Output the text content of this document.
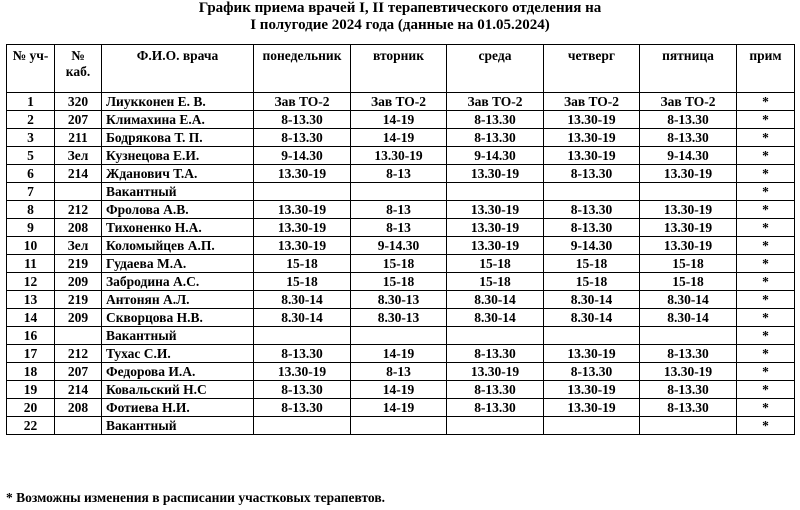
График приема врачей I, II терапевтического отделения на
I полугодие 2024 года (данные на 01.05.2024)
№ уч-	№ каб.	Ф.И.О. врача	понедельник	вторник	среда	четверг	пятница	прим
1	320	Лиукконен Е. В.	Зав ТО-2	Зав ТО-2	Зав ТО-2	Зав ТО-2	Зав ТО-2	*
2	207	Климахина Е.А.	8-13.30	14-19	8-13.30	13.30-19	8-13.30	*
3	211	Бодрякова Т. П.	8-13.30	14-19	8-13.30	13.30-19	8-13.30	*
5	Зел	Кузнецова Е.И.	9-14.30	13.30-19	9-14.30	13.30-19	9-14.30	*
6	214	Жданович Т.А.	13.30-19	8-13	13.30-19	8-13.30	13.30-19	*
7		Вакантный						*
8	212	Фролова А.В.	13.30-19	8-13	13.30-19	8-13.30	13.30-19	*
9	208	Тихоненко Н.А.	13.30-19	8-13	13.30-19	8-13.30	13.30-19	*
10	Зел	Коломыйцев А.П.	13.30-19	9-14.30	13.30-19	9-14.30	13.30-19	*
11	219	Гудаева М.А.	15-18	15-18	15-18	15-18	15-18	*
12	209	Забродина А.С.	15-18	15-18	15-18	15-18	15-18	*
13	219	Антонян А.Л.	8.30-14	8.30-13	8.30-14	8.30-14	8.30-14	*
14	209	Скворцова Н.В.	8.30-14	8.30-13	8.30-14	8.30-14	8.30-14	*
16		Вакантный						*
17	212	Тухас С.И.	8-13.30	14-19	8-13.30	13.30-19	8-13.30	*
18	207	Федорова И.А.	13.30-19	8-13	13.30-19	8-13.30	13.30-19	*
19	214	Ковальский Н.С	8-13.30	14-19	8-13.30	13.30-19	8-13.30	*
20	208	Фотиева Н.И.	8-13.30	14-19	8-13.30	13.30-19	8-13.30	*
22		Вакантный						*
* Возможны изменения в расписании участковых терапевтов.
